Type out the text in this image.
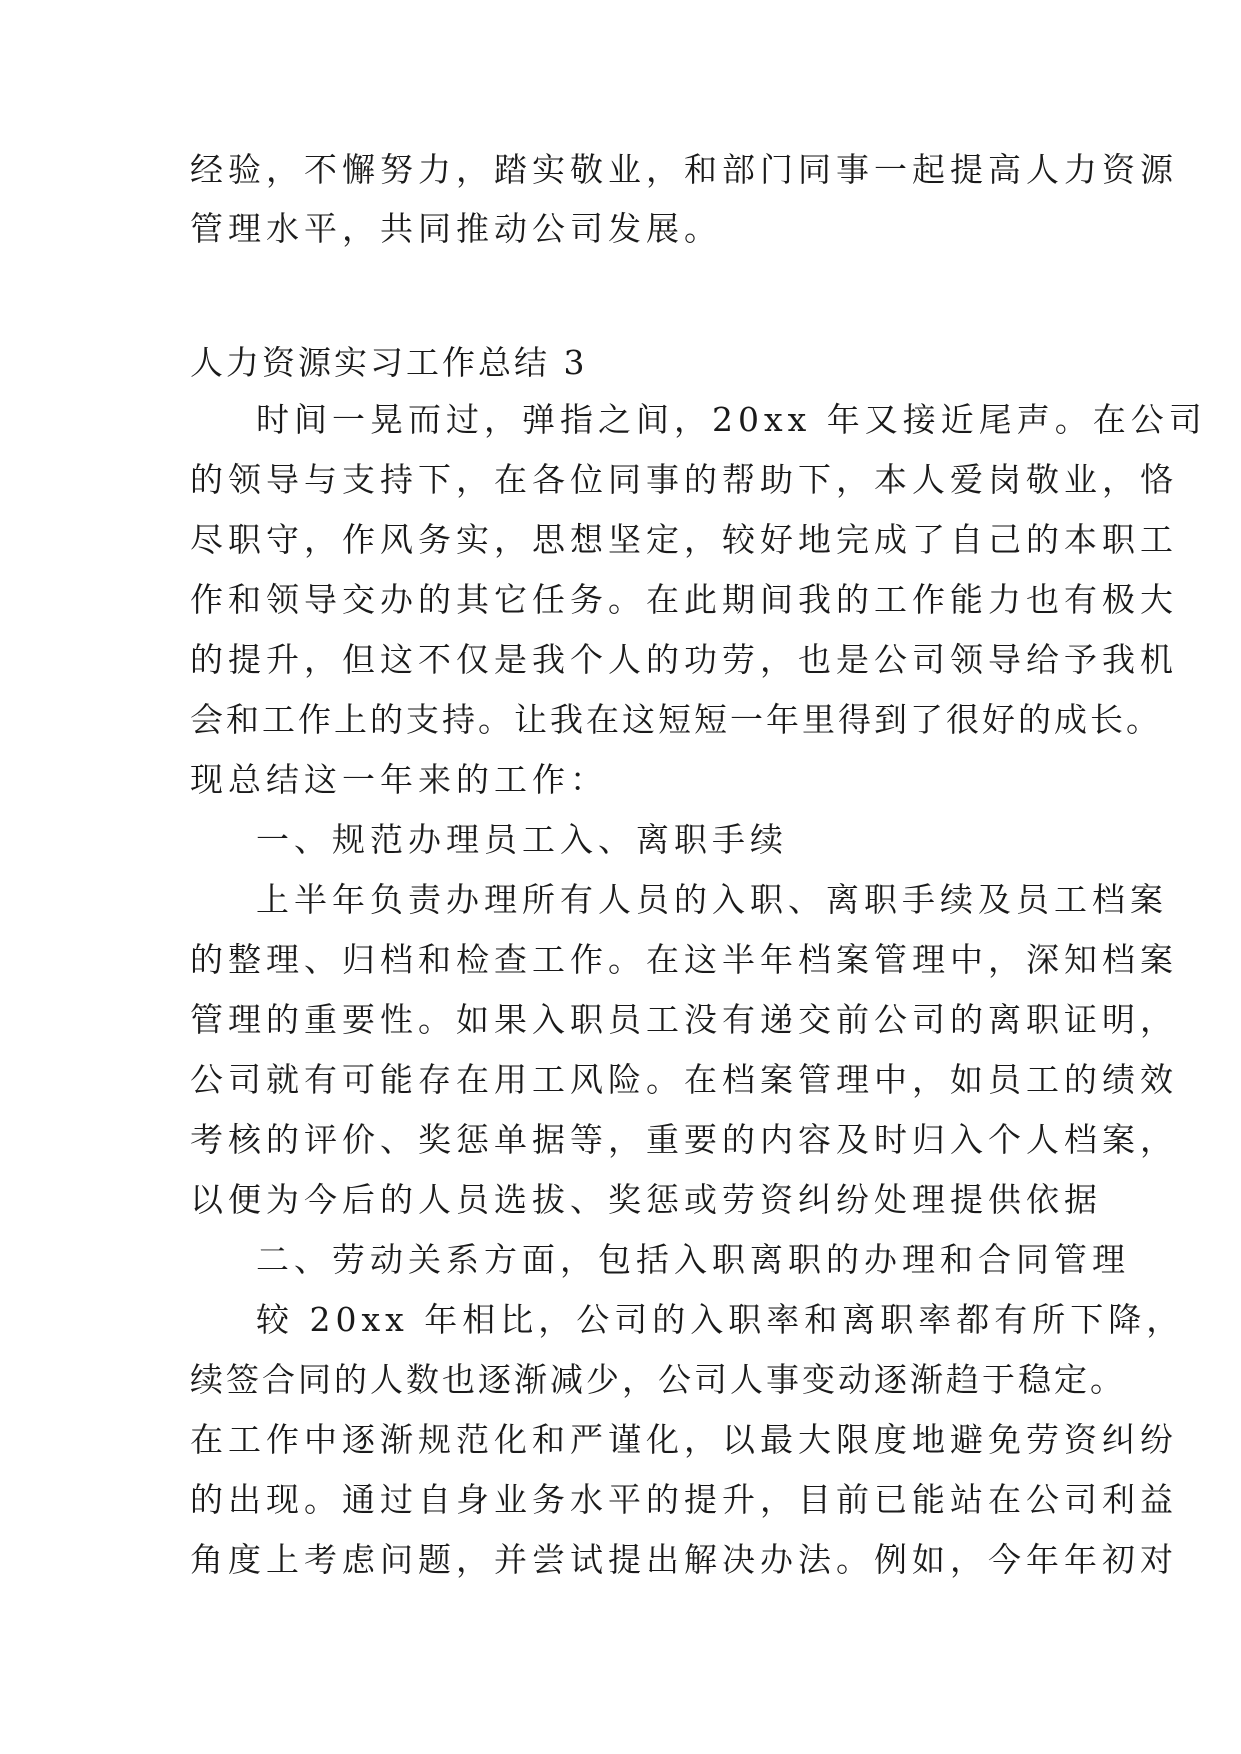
经验，不懈努力，踏实敬业，和部门同事一起提高人力资源
管理水平，共同推动公司发展。
人力资源实习工作总结 3
时间一晃而过，弹指之间，20xx 年又接近尾声。在公司
的领导与支持下，在各位同事的帮助下，本人爱岗敬业，恪
尽职守，作风务实，思想坚定，较好地完成了自己的本职工
作和领导交办的其它任务。在此期间我的工作能力也有极大
的提升，但这不仅是我个人的功劳，也是公司领导给予我机
会和工作上的支持。让我在这短短一年里得到了很好的成长。
现总结这一年来的工作：
一、规范办理员工入、离职手续
上半年负责办理所有人员的入职、离职手续及员工档案
的整理、归档和检查工作。在这半年档案管理中，深知档案
管理的重要性。如果入职员工没有递交前公司的离职证明，
公司就有可能存在用工风险。在档案管理中，如员工的绩效
考核的评价、奖惩单据等，重要的内容及时归入个人档案，
以便为今后的人员选拔、奖惩或劳资纠纷处理提供依据
二、劳动关系方面，包括入职离职的办理和合同管理
较 20xx 年相比，公司的入职率和离职率都有所下降，
续签合同的人数也逐渐减少，公司人事变动逐渐趋于稳定。
在工作中逐渐规范化和严谨化，以最大限度地避免劳资纠纷
的出现。通过自身业务水平的提升，目前已能站在公司利益
角度上考虑问题，并尝试提出解决办法。例如，今年年初对
